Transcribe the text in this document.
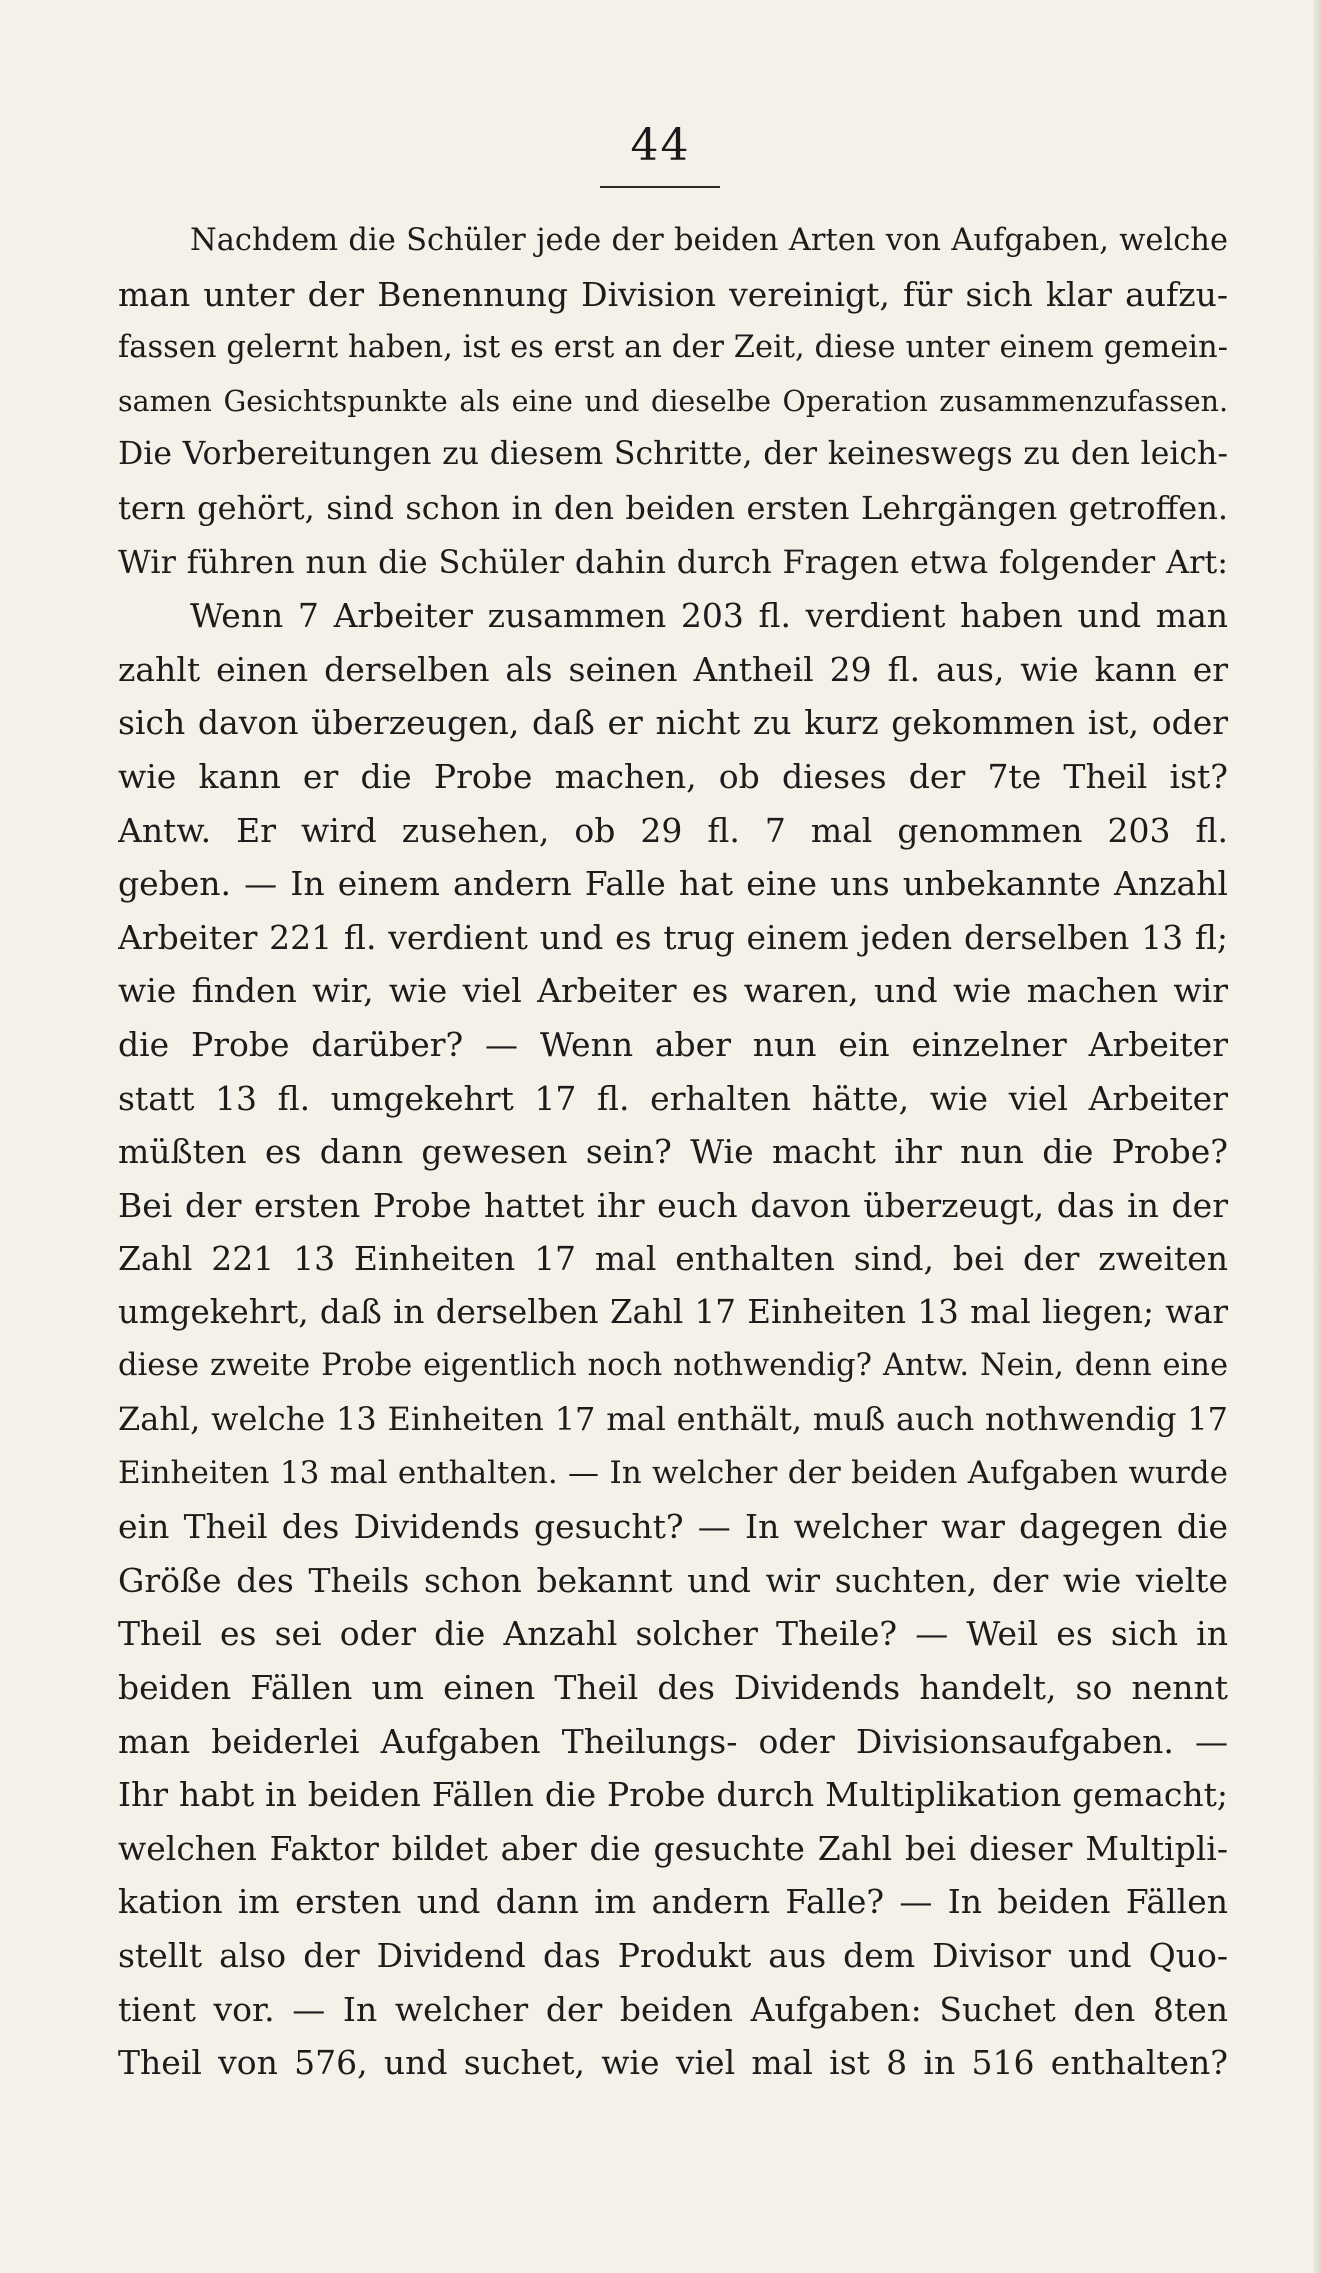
44
Nachdem die Schüler jede der beiden Arten von Aufgaben, welche
man unter der Benennung Division vereinigt, für sich klar aufzu-
fassen gelernt haben, ist es erst an der Zeit, diese unter einem gemein-
samen Gesichtspunkte als eine und dieselbe Operation zusammenzufassen.
Die Vorbereitungen zu diesem Schritte, der keineswegs zu den leich-
tern gehört, sind schon in den beiden ersten Lehrgängen getroffen.
Wir führen nun die Schüler dahin durch Fragen etwa folgender Art:
Wenn 7 Arbeiter zusammen 203 fl. verdient haben und man
zahlt einen derselben als seinen Antheil 29 fl. aus, wie kann er
sich davon überzeugen, daß er nicht zu kurz gekommen ist, oder
wie kann er die Probe machen, ob dieses der 7te Theil ist?
Antw. Er wird zusehen, ob 29 fl. 7 mal genommen 203 fl.
geben. — In einem andern Falle hat eine uns unbekannte Anzahl
Arbeiter 221 fl. verdient und es trug einem jeden derselben 13 fl;
wie finden wir, wie viel Arbeiter es waren, und wie machen wir
die Probe darüber? — Wenn aber nun ein einzelner Arbeiter
statt 13 fl. umgekehrt 17 fl. erhalten hätte, wie viel Arbeiter
müßten es dann gewesen sein? Wie macht ihr nun die Probe?
Bei der ersten Probe hattet ihr euch davon überzeugt, das in der
Zahl 221 13 Einheiten 17 mal enthalten sind, bei der zweiten
umgekehrt, daß in derselben Zahl 17 Einheiten 13 mal liegen; war
diese zweite Probe eigentlich noch nothwendig? Antw. Nein, denn eine
Zahl, welche 13 Einheiten 17 mal enthält, muß auch nothwendig 17
Einheiten 13 mal enthalten. — In welcher der beiden Aufgaben wurde
ein Theil des Dividends gesucht? — In welcher war dagegen die
Größe des Theils schon bekannt und wir suchten, der wie vielte
Theil es sei oder die Anzahl solcher Theile? — Weil es sich in
beiden Fällen um einen Theil des Dividends handelt, so nennt
man beiderlei Aufgaben Theilungs- oder Divisionsaufgaben. —
Ihr habt in beiden Fällen die Probe durch Multiplikation gemacht;
welchen Faktor bildet aber die gesuchte Zahl bei dieser Multipli-
kation im ersten und dann im andern Falle? — In beiden Fällen
stellt also der Dividend das Produkt aus dem Divisor und Quo-
tient vor. — In welcher der beiden Aufgaben: Suchet den 8ten
Theil von 576, und suchet, wie viel mal ist 8 in 516 enthalten?
